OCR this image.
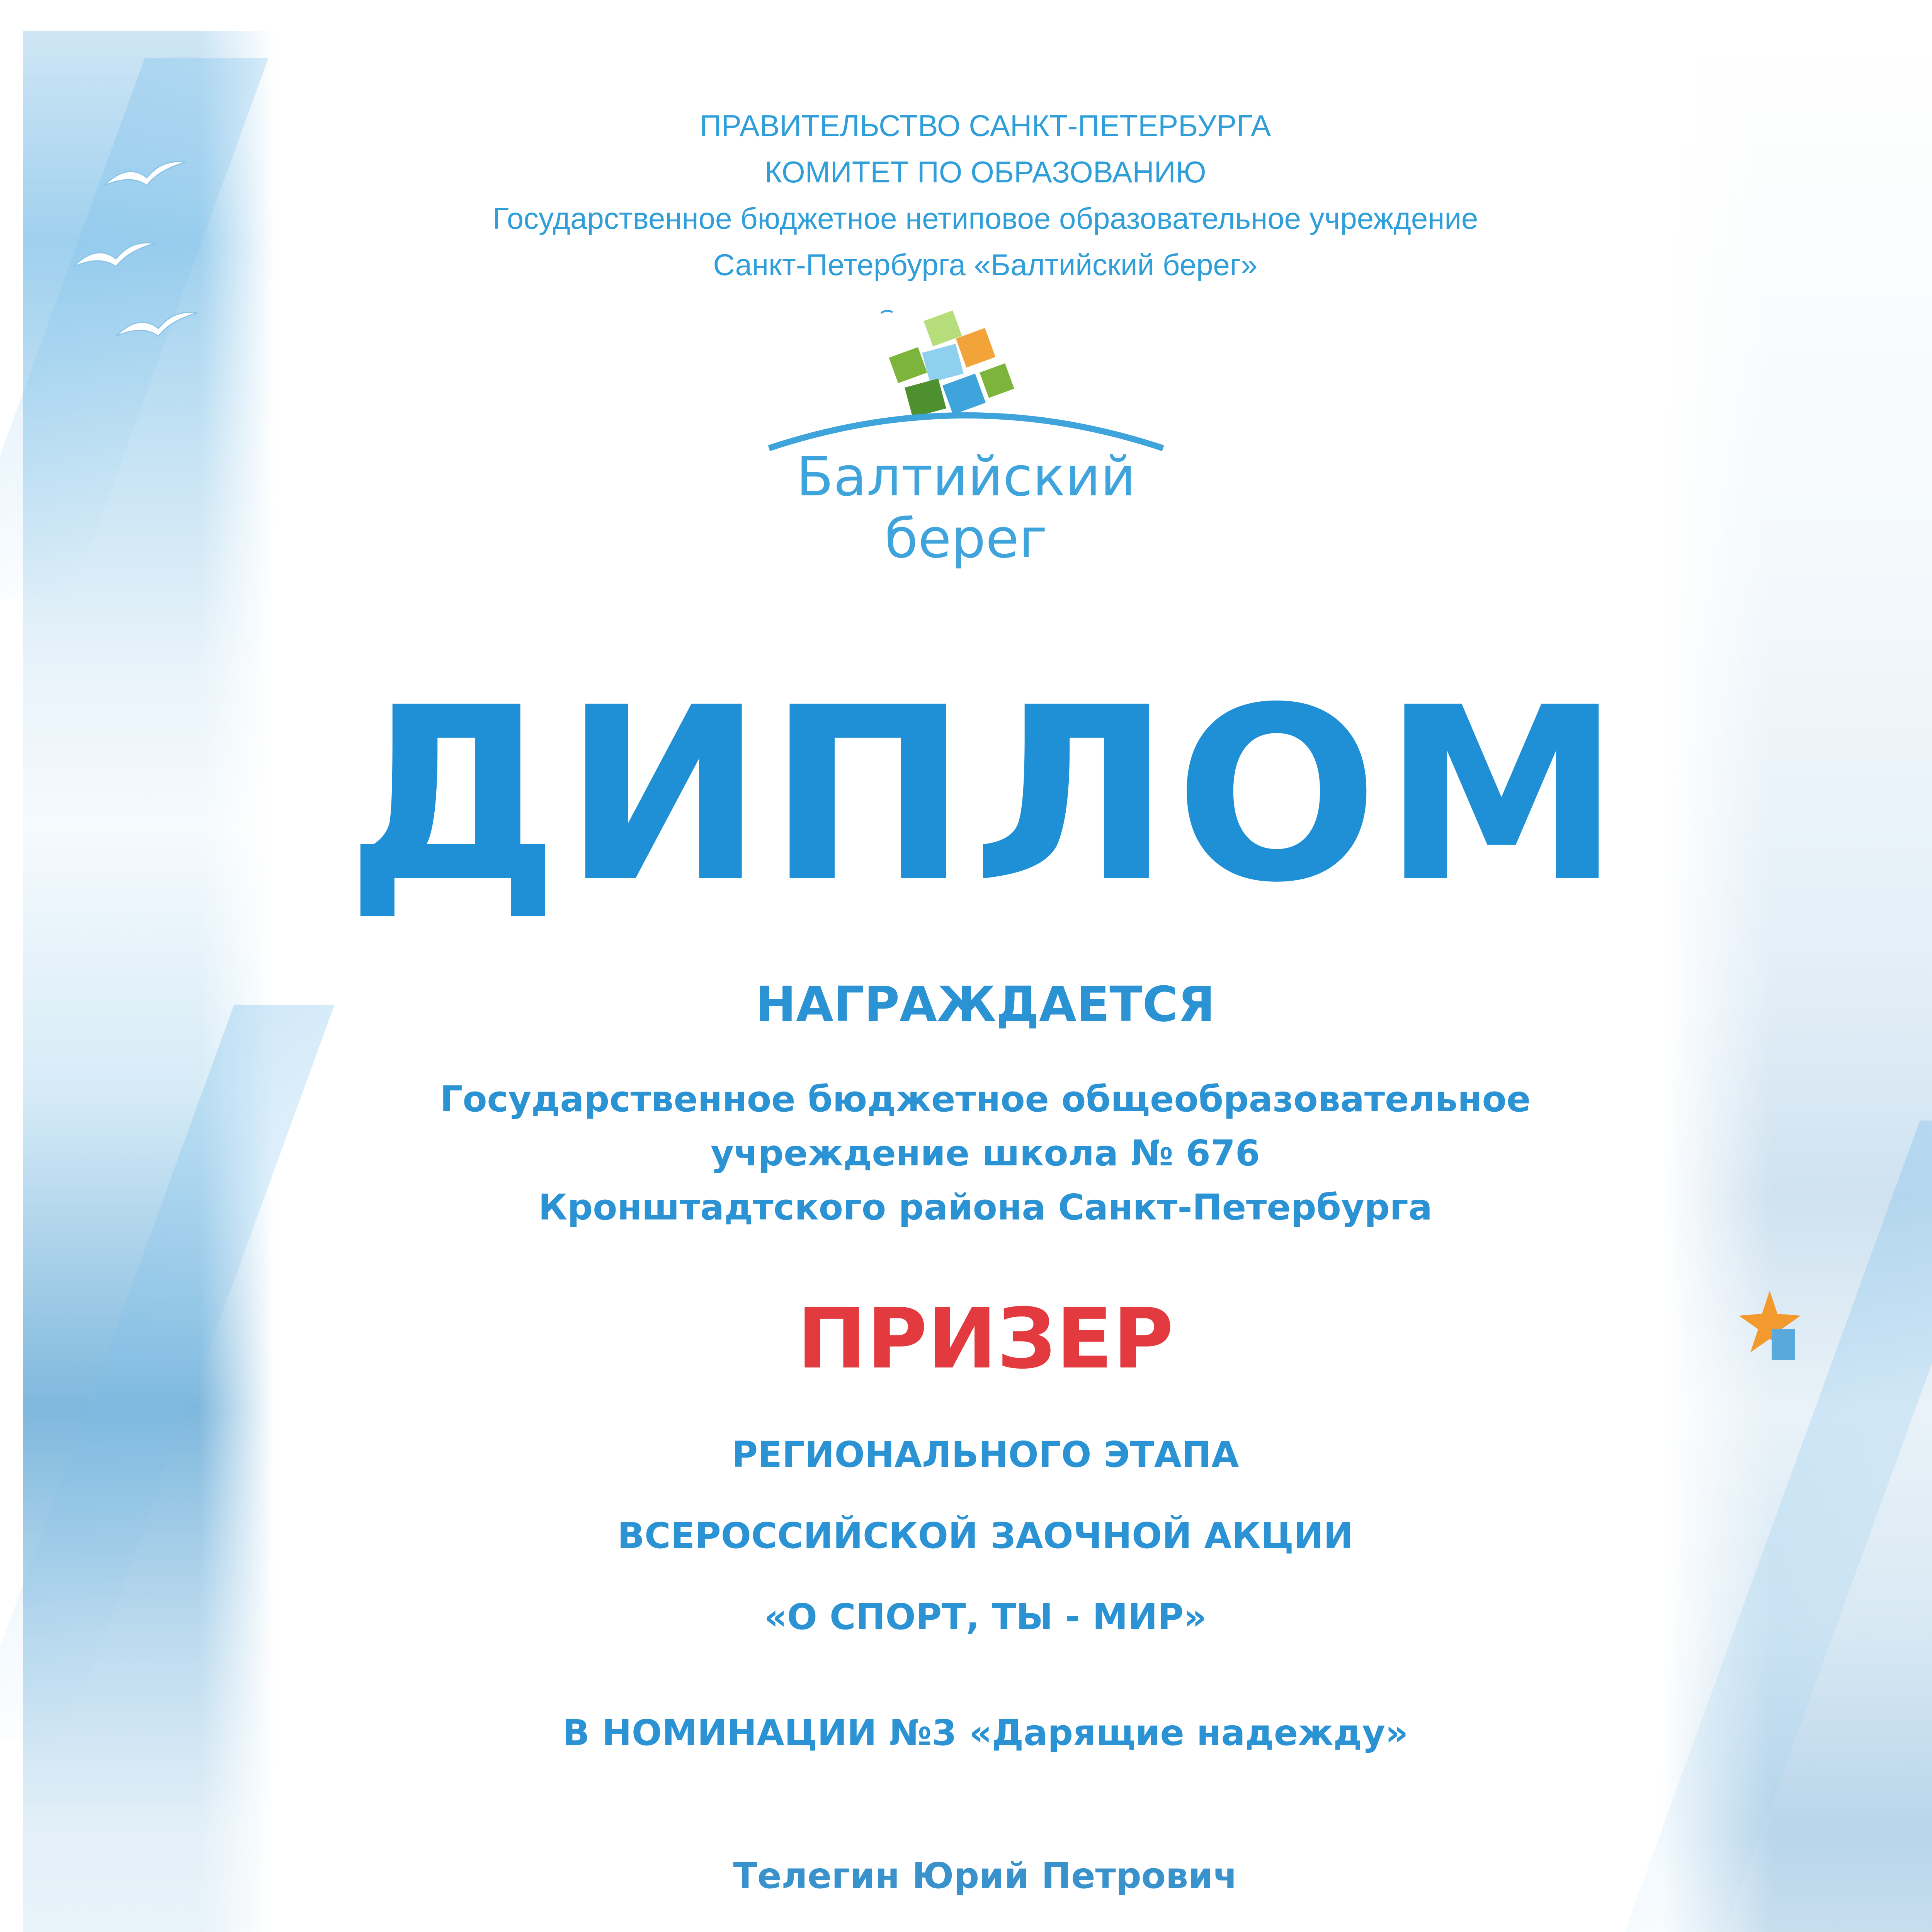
ПРАВИТЕЛЬСТВО САНКТ-ПЕТЕРБУРГА
КОМИТЕТ ПО ОБРАЗОВАНИЮ
Государственное бюджетное нетиповое образовательное учреждение
Санкт-Петербурга «Балтийский берег»
Балтийский
берег
ДИПЛОМ
НАГРАЖДАЕТСЯ
Государственное бюджетное общеобразовательное
учреждение школа № 676
Кронштадтского района Санкт-Петербурга
ПРИЗЕР
РЕГИОНАЛЬНОГО ЭТАПА
ВСЕРОССИЙСКОЙ ЗАОЧНОЙ АКЦИИ
«О СПОРТ, ТЫ - МИР»
В НОМИНАЦИИ №3 «Дарящие надежду»
Телегин Юрий Петрович
